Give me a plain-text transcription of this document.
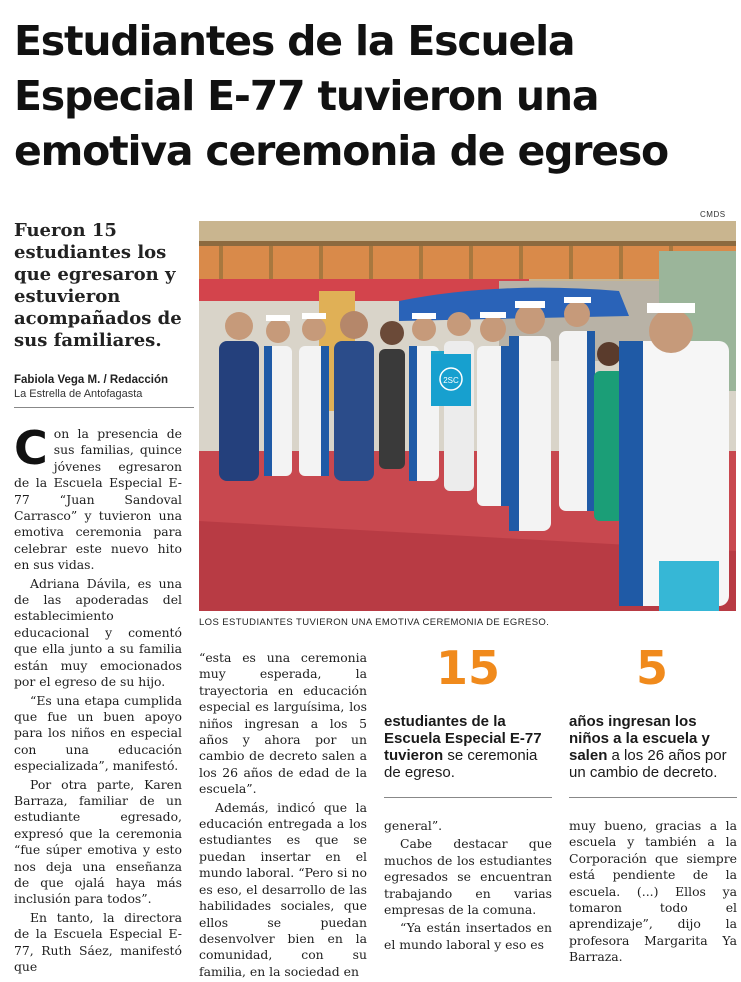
Estudiantes de la Escuela
Especial E-77 tuvieron una
emotiva ceremonia de egreso
Fueron 15 estudiantes los que egresaron y estuvieron acompañados de sus familiares.
Fabiola Vega M. / Redacción
La Estrella de Antofagasta
CMDS
2SC
LOS ESTUDIANTES TUVIERON UNA EMOTIVA CEREMONIA DE EGRESO.

Con la presencia de sus familias, quince jóvenes egresaron de la Escuela Especial E-77 “Juan Sandoval Carrasco” y tuvieron una emotiva ceremonia para celebrar este nuevo hito en sus vidas.

Adriana Dávila, es una de las apoderadas del establecimiento educacional y comentó que ella junto a su familia están muy emocionados por el egreso de su hijo.

“Es una etapa cumplida que fue un buen apoyo para los niños en especial con una educación especializada”, manifestó.

Por otra parte, Karen Barraza, familiar de un estudiante egresado, expresó que la ceremonia “fue súper emotiva y esto nos deja una enseñanza de que ojalá haya más inclusión para todos”.

En tanto, la directora de la Escuela Especial E-77, Ruth Sáez, manifestó que

“esta es una ceremonia muy esperada, la trayectoria en educación especial es larguísima, los niños ingresan a los 5 años y ahora por un cambio de decreto salen a los 26 años de edad de la escuela”.

Además, indicó que la educación entregada a los estudiantes es que se puedan insertar en el mundo laboral. “Pero si no es eso, el desarrollo de las habilidades sociales, que ellos se puedan desenvolver bien en la comunidad, con su familia, en la sociedad en

15
estudiantes de la Escuela Especial E-77 tuvieron se ceremonia de egreso.
5
años ingresan los niños a la escuela y salen a los 26 años por un cambio de decreto.

general”.

Cabe destacar que muchos de los estudiantes egresados se encuentran trabajando en varias empresas de la comuna.

“Ya están insertados en el mundo laboral y eso es

muy bueno, gracias a la escuela y también a la Corporación que siempre está pendiente de la escuela. (...) Ellos ya tomaron todo el aprendizaje”, dijo la profesora Margarita Ya Barraza.
